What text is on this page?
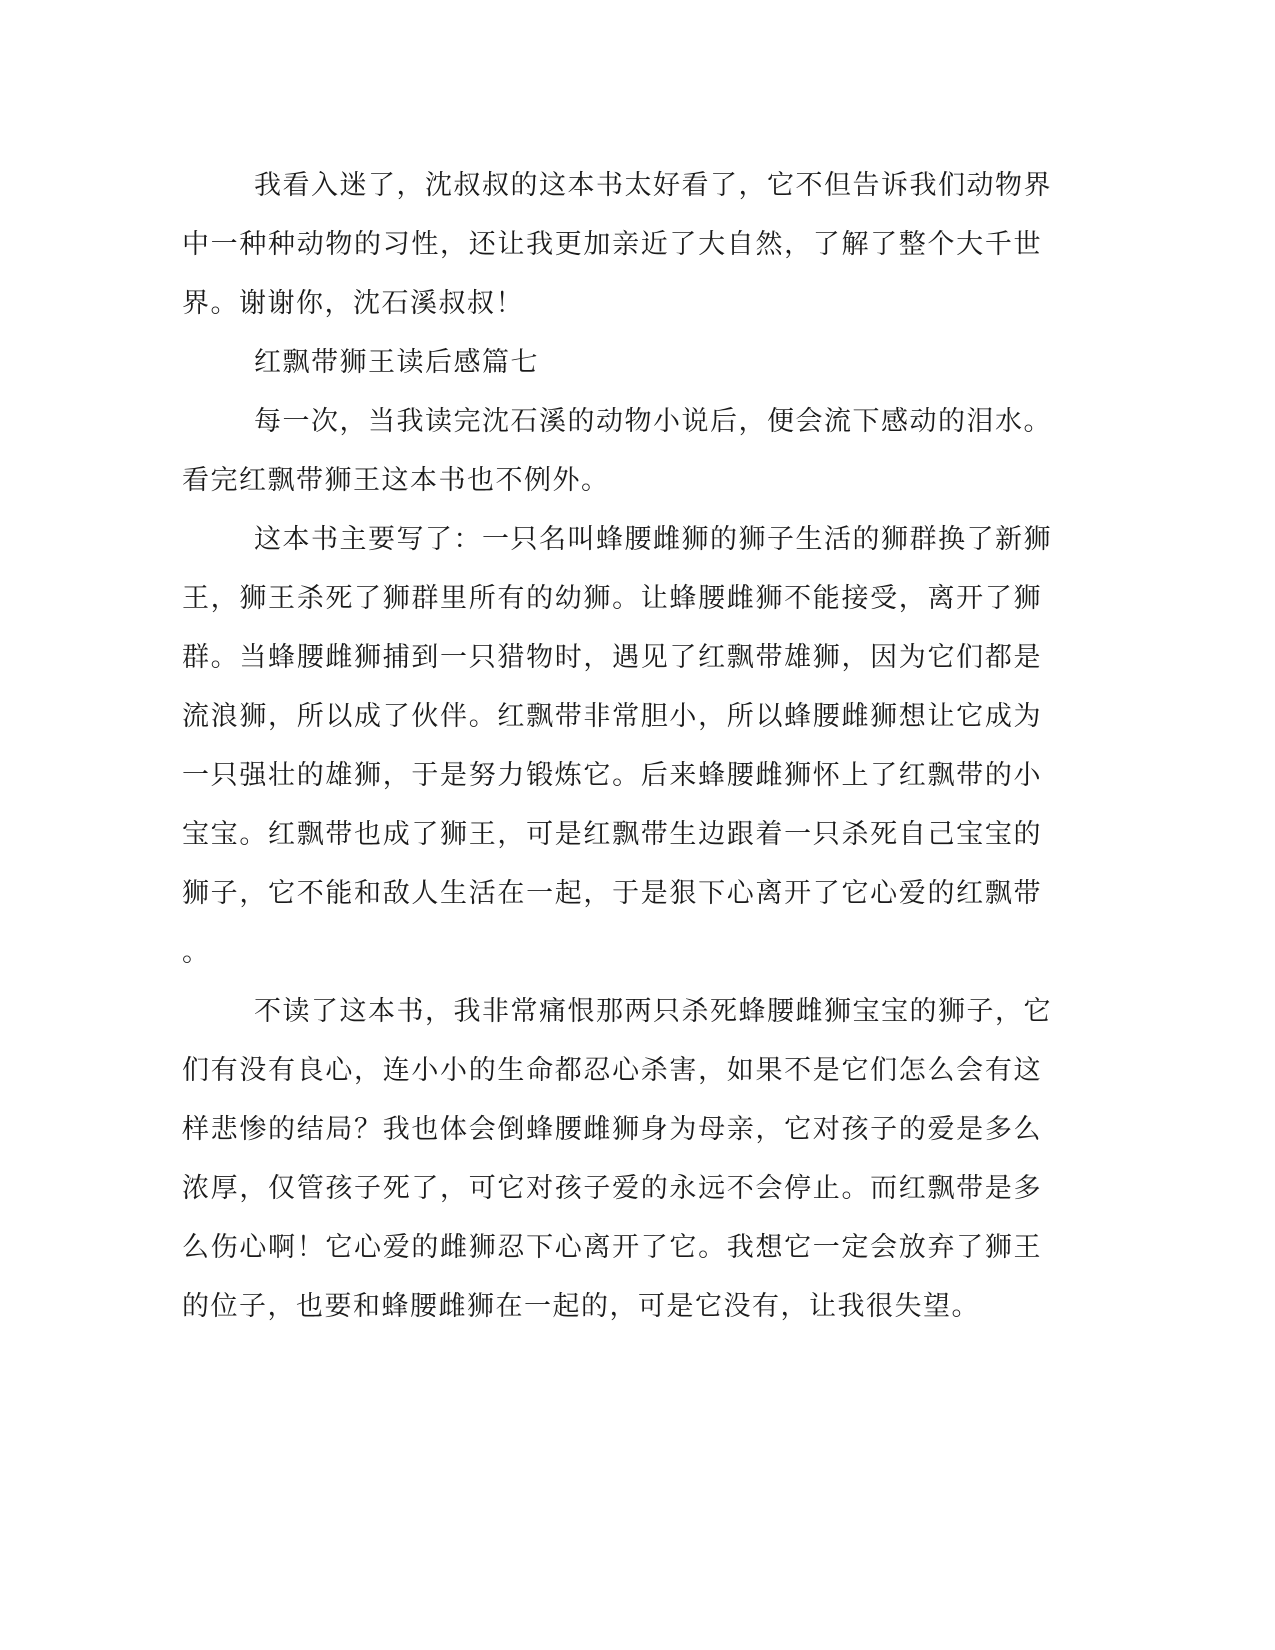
我看入迷了，沈叔叔的这本书太好看了，它不但告诉我们动物界
中一种种动物的习性，还让我更加亲近了大自然，了解了整个大千世
界。谢谢你，沈石溪叔叔！

红飘带狮王读后感篇七

每一次，当我读完沈石溪的动物小说后，便会流下感动的泪水。
看完红飘带狮王这本书也不例外。

这本书主要写了：一只名叫蜂腰雌狮的狮子生活的狮群换了新狮
王，狮王杀死了狮群里所有的幼狮。让蜂腰雌狮不能接受，离开了狮
群。当蜂腰雌狮捕到一只猎物时，遇见了红飘带雄狮，因为它们都是
流浪狮，所以成了伙伴。红飘带非常胆小，所以蜂腰雌狮想让它成为
一只强壮的雄狮，于是努力锻炼它。后来蜂腰雌狮怀上了红飘带的小
宝宝。红飘带也成了狮王，可是红飘带生边跟着一只杀死自己宝宝的
狮子，它不能和敌人生活在一起，于是狠下心离开了它心爱的红飘带
。

不读了这本书，我非常痛恨那两只杀死蜂腰雌狮宝宝的狮子，它
们有没有良心，连小小的生命都忍心杀害，如果不是它们怎么会有这
样悲惨的结局？我也体会倒蜂腰雌狮身为母亲，它对孩子的爱是多么
浓厚，仅管孩子死了，可它对孩子爱的永远不会停止。而红飘带是多
么伤心啊！它心爱的雌狮忍下心离开了它。我想它一定会放弃了狮王
的位子，也要和蜂腰雌狮在一起的，可是它没有，让我很失望。
